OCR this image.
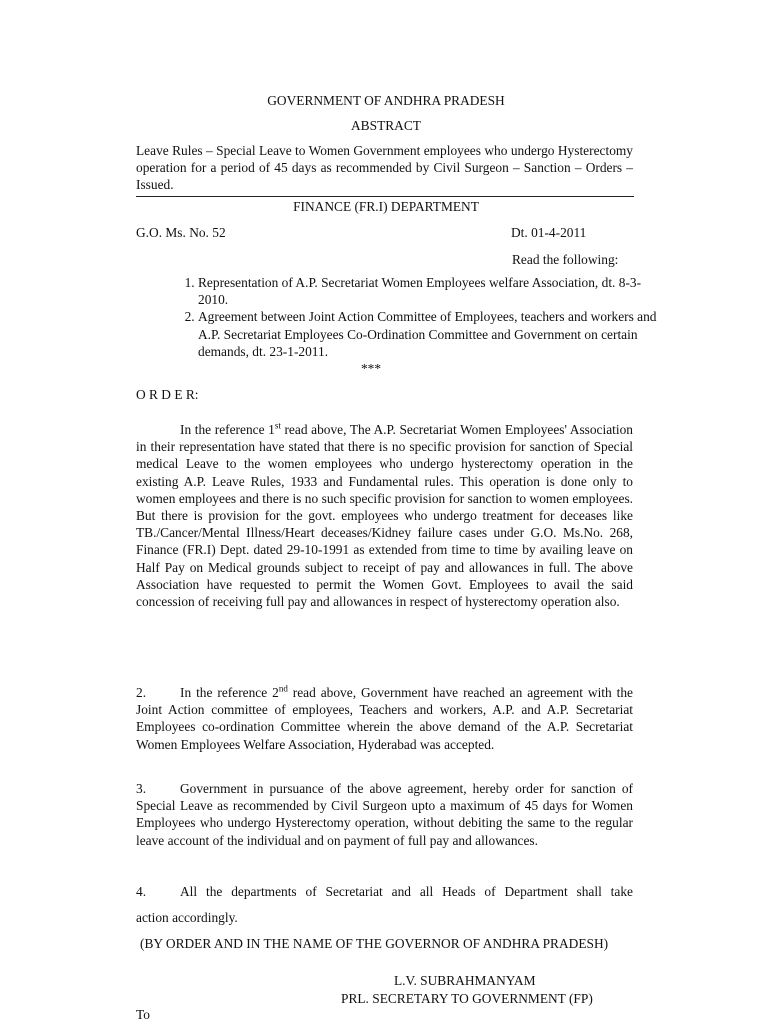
GOVERNMENT OF ANDHRA PRADESH
ABSTRACT
Leave Rules – Special Leave to Women Government employees who undergo Hysterectomy operation for a period of 45 days as recommended by Civil Surgeon – Sanction – Orders – Issued.
FINANCE (FR.I) DEPARTMENT
G.O. Ms. No. 52	Dt. 01-4-2011
Read the following:
1. Representation of A.P. Secretariat Women Employees welfare Association, dt. 8-3-2010.
2. Agreement between Joint Action Committee of Employees, teachers and workers and A.P. Secretariat Employees Co-Ordination Committee and Government on certain demands, dt. 23-1-2011.
***
O R D E R:
In the reference 1st read above, The A.P. Secretariat Women Employees' Association in their representation have stated that there is no specific provision for sanction of Special medical Leave to the women employees who undergo hysterectomy operation in the existing A.P. Leave Rules, 1933 and Fundamental rules. This operation is done only to women employees and there is no such specific provision for sanction to women employees. But there is provision for the govt. employees who undergo treatment for deceases like TB./Cancer/Mental Illness/Heart deceases/Kidney failure cases under G.O. Ms.No. 268, Finance (FR.I) Dept. dated 29-10-1991 as extended from time to time by availing leave on Half Pay on Medical grounds subject to receipt of pay and allowances in full. The above Association have requested to permit the Women Govt. Employees to avail the said concession of receiving full pay and allowances in respect of hysterectomy operation also.
2.	In the reference 2nd read above, Government have reached an agreement with the Joint Action committee of employees, Teachers and workers, A.P. and A.P. Secretariat Employees co-ordination Committee wherein the above demand of the A.P. Secretariat Women Employees Welfare Association, Hyderabad was accepted.
3.	Government in pursuance of the above agreement, hereby order for sanction of Special Leave as recommended by Civil Surgeon upto a maximum of 45 days for Women Employees who undergo Hysterectomy operation, without debiting the same to the regular leave account of the individual and on payment of full pay and allowances.
4.	All the departments of Secretariat and all Heads of Department shall take
action accordingly.
(BY ORDER AND IN THE NAME OF THE GOVERNOR OF ANDHRA PRADESH)
L.V. SUBRAHMANYAM
PRL. SECRETARY TO GOVERNMENT (FP)
To
